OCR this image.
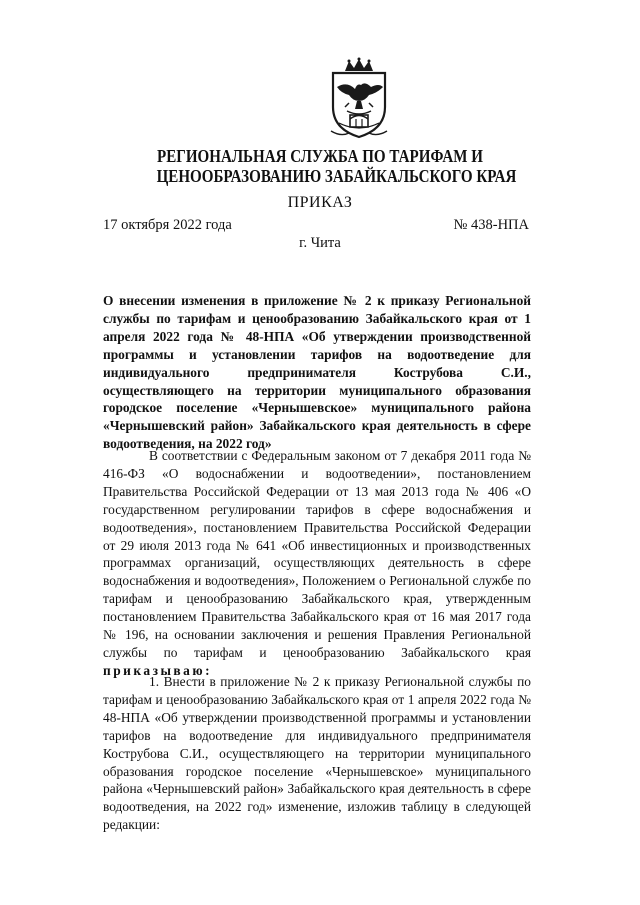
РЕГИОНАЛЬНАЯ СЛУЖБА ПО ТАРИФАМ И
ЦЕНООБРАЗОВАНИЮ ЗАБАЙКАЛЬСКОГО КРАЯ
ПРИКАЗ
17 октября 2022 года	№ 438-НПА
г. Чита
О внесении изменения в приложение № 2 к приказу Региональной службы по тарифам и ценообразованию Забайкальского края от 1 апреля 2022 года № 48-НПА «Об утверждении производственной программы и установлении тарифов на водоотведение для индивидуального предпринимателя Кострубова С.И., осуществляющего на территории муниципального образования городское поселение «Чернышевское» муниципального района «Чернышевский район» Забайкальского края деятельность в сфере водоотведения, на 2022 год»

В соответствии с Федеральным законом от 7 декабря 2011 года № 416-ФЗ «О водоснабжении и водоотведении», постановлением Правительства Российской Федерации от 13 мая 2013 года № 406 «О государственном регулировании тарифов в сфере водоснабжения и водоотведения», постановлением Правительства Российской Федерации от 29 июля 2013 года № 641 «Об инвестиционных и производственных программах организаций, осуществляющих деятельность в сфере водоснабжения и водоотведения», Положением о Региональной службе по тарифам и ценообразованию Забайкальского края, утвержденным постановлением Правительства Забайкальского края от 16 мая 2017 года № 196, на основании заключения и решения Правления Региональной службы по тарифам и ценообразованию Забайкальского края приказываю:

1. Внести в приложение № 2 к приказу Региональной службы по тарифам и ценообразованию Забайкальского края от 1 апреля 2022 года № 48-НПА «Об утверждении производственной программы и установлении тарифов на водоотведение для индивидуального предпринимателя Кострубова С.И., осуществляющего на территории муниципального образования городское поселение «Чернышевское» муниципального района «Чернышевский район» Забайкальского края деятельность в сфере водоотведения, на 2022 год» изменение, изложив таблицу в следующей редакции:
